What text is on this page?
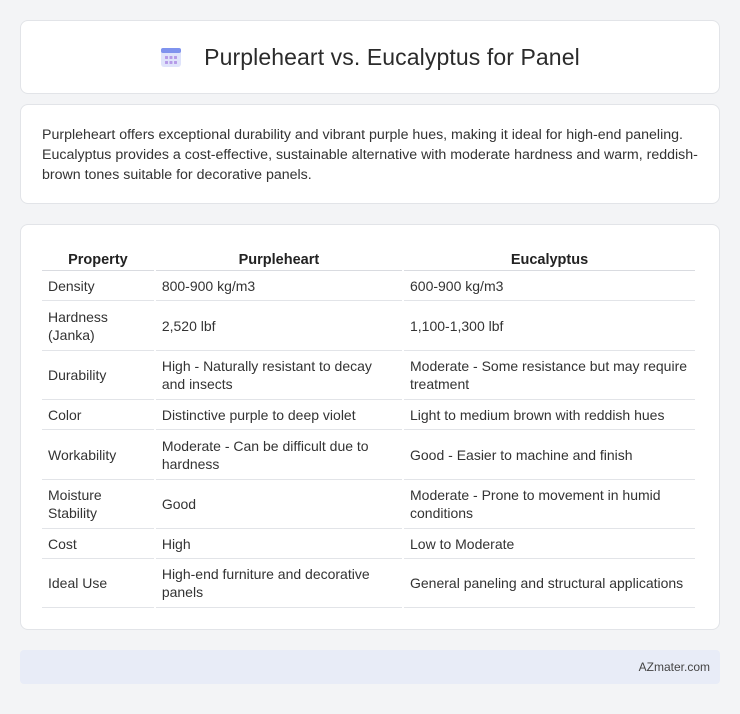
Purpleheart vs. Eucalyptus for Panel

Purpleheart offers exceptional durability and vibrant purple hues, making it ideal for high-end paneling. Eucalyptus provides a cost-effective, sustainable alternative with moderate hardness and warm, reddish-brown tones suitable for decorative panels.

Property	Purpleheart	Eucalyptus
Density	800-900 kg/m3	600-900 kg/m3
Hardness (Janka)	2,520 lbf	1,100-1,300 lbf
Durability	High - Naturally resistant to decay and insects	Moderate - Some resistance but may require treatment
Color	Distinctive purple to deep violet	Light to medium brown with reddish hues
Workability	Moderate - Can be difficult due to hardness	Good - Easier to machine and finish
Moisture Stability	Good	Moderate - Prone to movement in humid conditions
Cost	High	Low to Moderate
Ideal Use	High-end furniture and decorative panels	General paneling and structural applications
AZmater.com
